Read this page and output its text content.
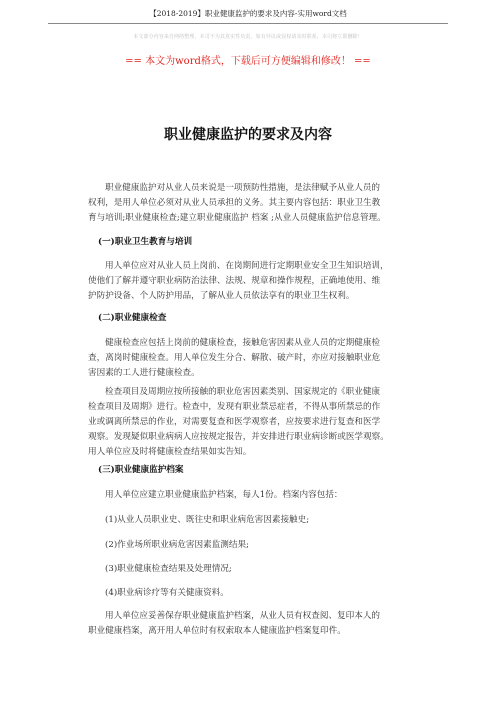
【2018-2019】职业健康监护的要求及内容-实用word文档
本文部分内容来自网络整理，本司不为其真实性负责，如有异议或侵权请及时联系，本司将立即删除！
== 本文为word格式，下载后可方便编辑和修改！ ==
职业健康监护的要求及内容
职业健康监护对从业人员来说是一项预防性措施，是法律赋予从业人员的
权利，是用人单位必须对从业人员承担的义务。其主要内容包括：职业卫生教
育与培训;职业健康检查;建立职业健康监护 档案 ;从业人员健康监护信息管理。
(一)职业卫生教育与培训
用人单位应对从业人员上岗前、在岗期间进行定期职业安全卫生知识培训，
使他们了解并遵守职业病防治法律、法规、规章和操作规程，正确地使用、维
护防护设备、个人防护用品，了解从业人员依法享有的职业卫生权利。
(二)职业健康检查
健康检查应包括上岗前的健康检查，接触危害因素从业人员的定期健康检
查，离岗时健康检查。用人单位发生分合、解散、破产时，亦应对接触职业危
害因素的工人进行健康检查。
检查项目及周期应按所接触的职业危害因素类别、国家规定的《职业健康
检查项目及周期》进行。检查中，发现有职业禁忌症者，不得从事所禁忌的作
业或调离所禁忌的作业，对需要复查和医学观察者，应按要求进行复查和医学
观察。发现疑似职业病病人应按规定报告，并安排进行职业病诊断或医学观察。
用人单位应及时将健康检查结果如实告知。
(三)职业健康监护档案
用人单位应建立职业健康监护档案，每人1份。档案内容包括：
(1)从业人员职业史、既往史和职业病危害因素接触史;
(2)作业场所职业病危害因素监测结果;
(3)职业健康检查结果及处理情况;
(4)职业病诊疗等有关健康资料。
用人单位应妥善保存职业健康监护档案，从业人员有权查阅、复印本人的
职业健康档案，离开用人单位时有权索取本人健康监护档案复印件。
